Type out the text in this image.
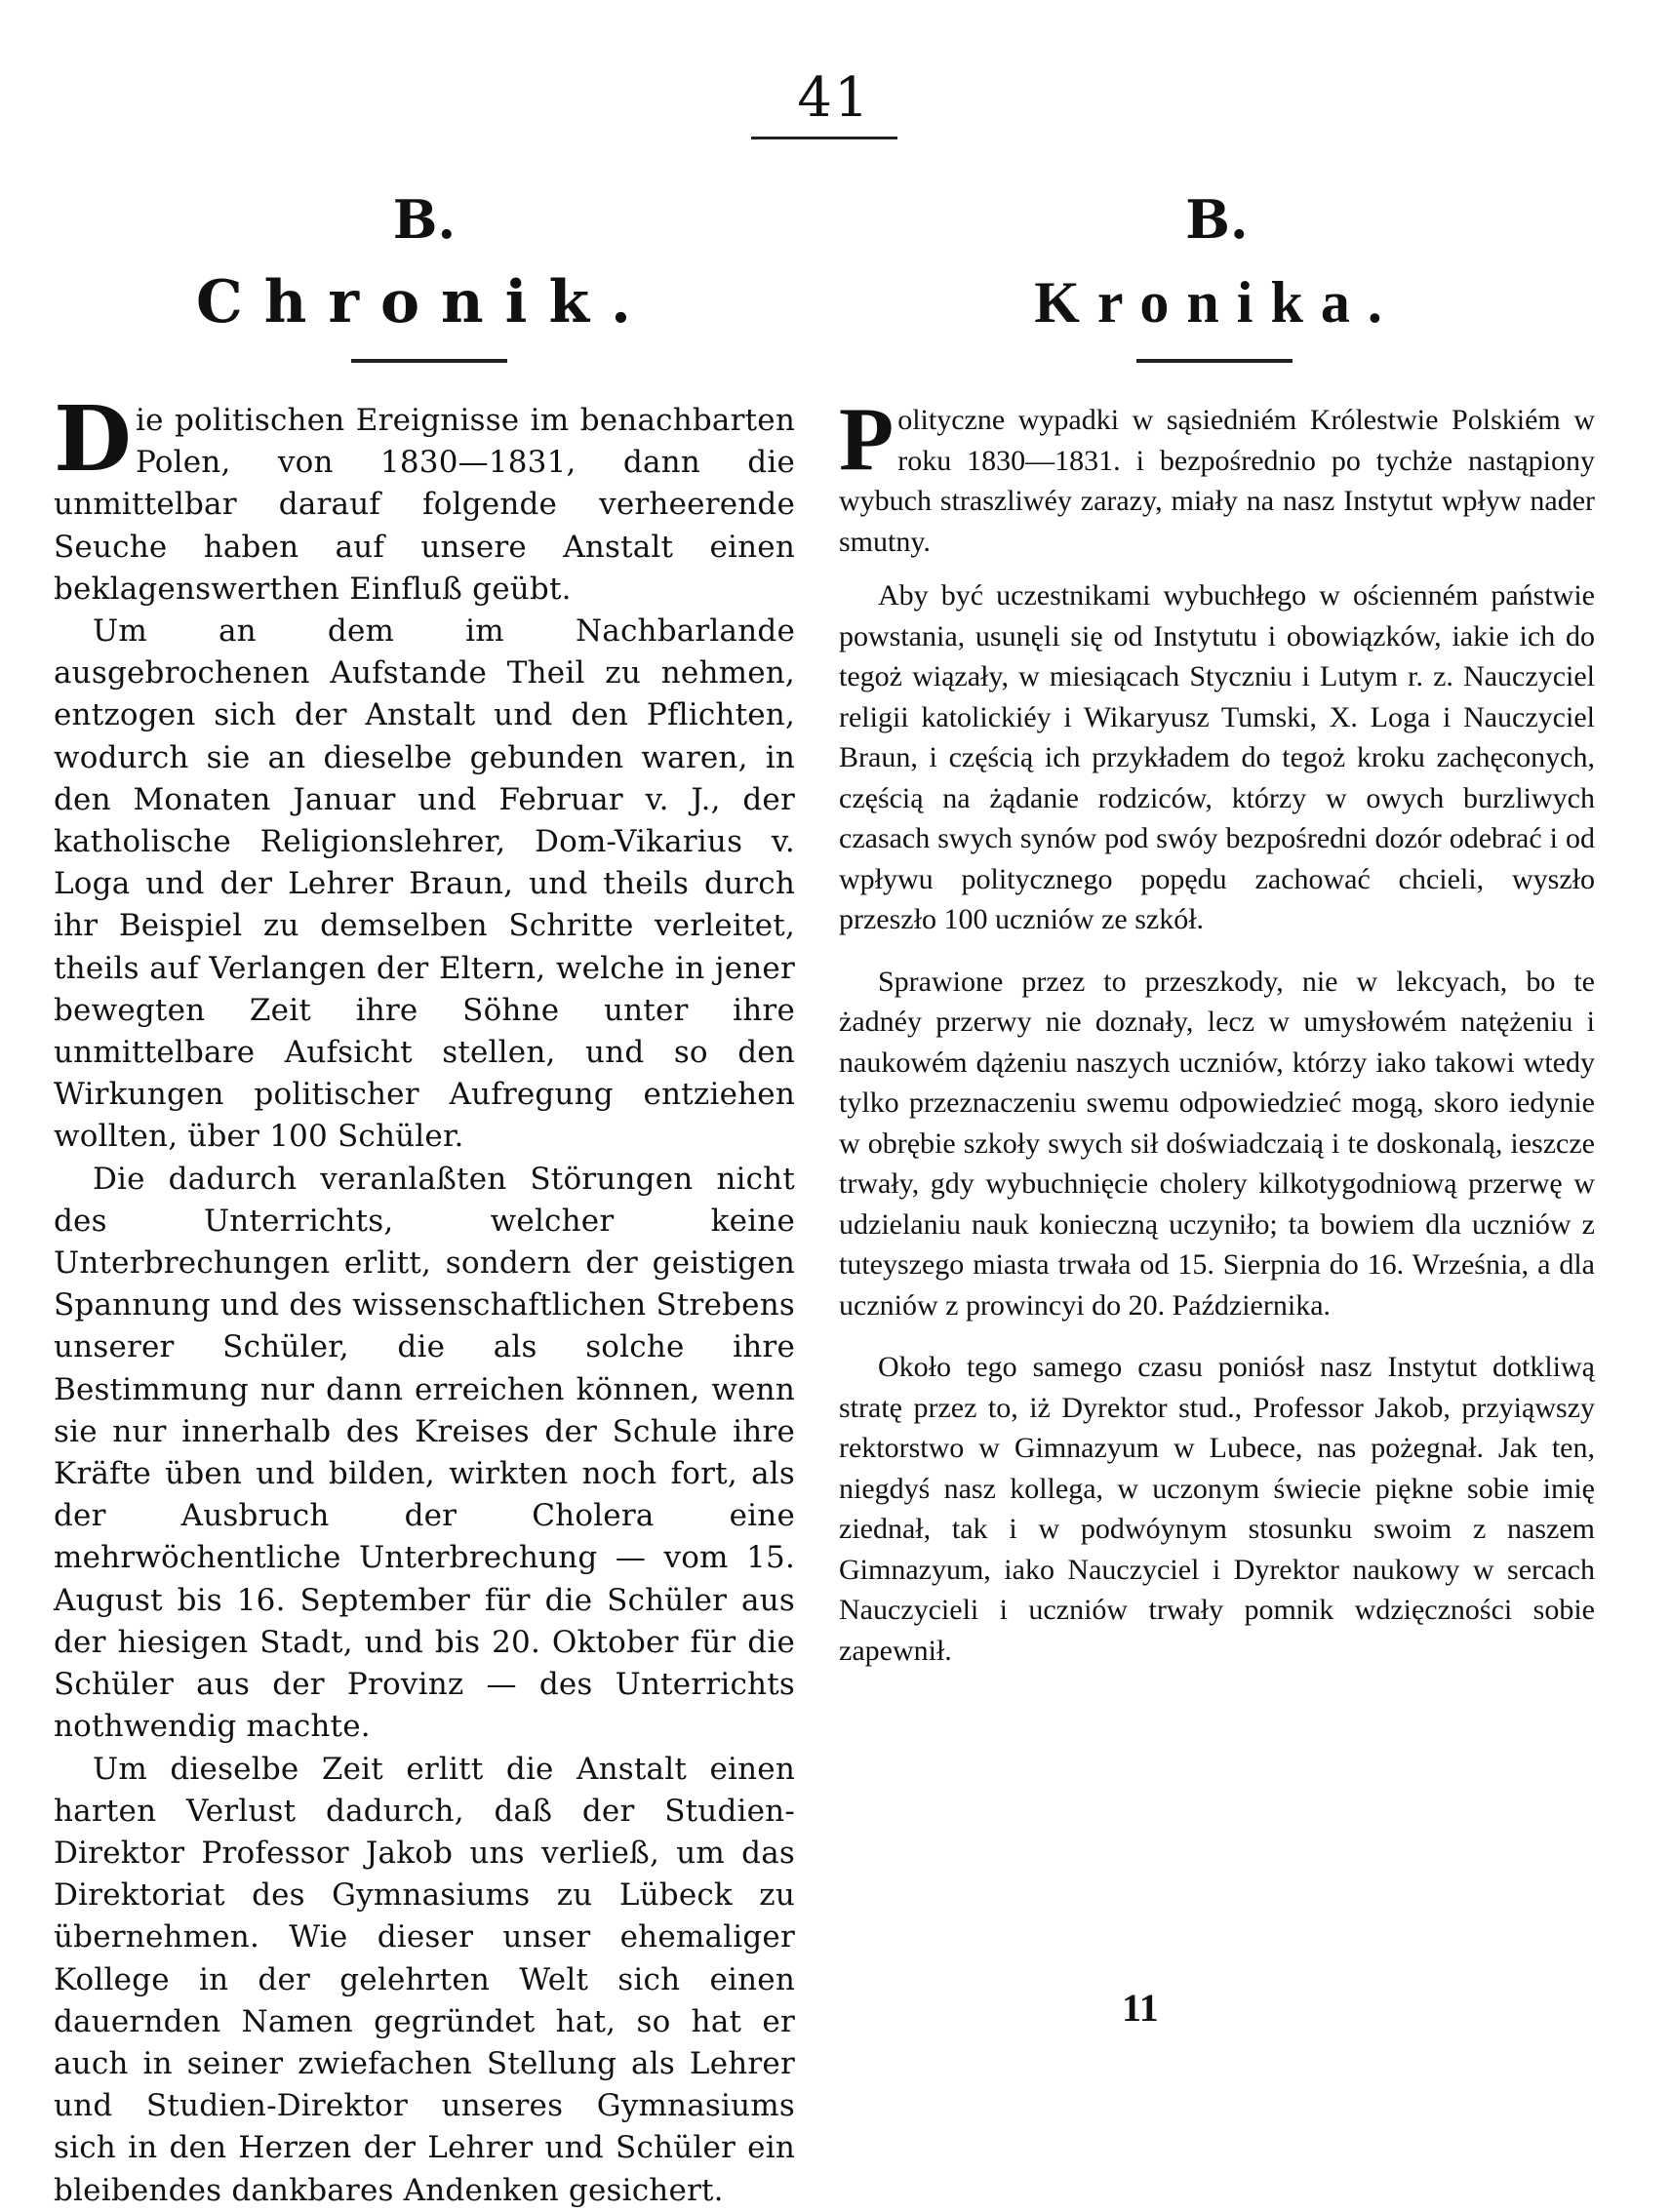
41

B.

Chronik.

Die politischen Ereignisse im benachbarten Polen, von 1830—1831, dann die unmittelbar darauf folgende verheerende Seuche haben auf unsere Anstalt einen beklagenswerthen Einfluß geübt.

Um an dem im Nachbarlande ausgebrochenen Aufstande Theil zu nehmen, entzogen sich der Anstalt und den Pflichten, wodurch sie an dieselbe gebunden waren, in den Monaten Januar und Februar v. J., der katholische Religionslehrer, Dom-Vikarius v. Loga und der Lehrer Braun, und theils durch ihr Beispiel zu demselben Schritte verleitet, theils auf Verlangen der Eltern, welche in jener bewegten Zeit ihre Söhne unter ihre unmittelbare Aufsicht stellen, und so den Wirkungen politischer Aufregung entziehen wollten, über 100 Schüler.

Die dadurch veranlaßten Störungen nicht des Unterrichts, welcher keine Unterbrechungen erlitt, sondern der geistigen Spannung und des wissenschaftlichen Strebens unserer Schüler, die als solche ihre Bestimmung nur dann erreichen können, wenn sie nur innerhalb des Kreises der Schule ihre Kräfte üben und bilden, wirkten noch fort, als der Ausbruch der Cholera eine mehrwöchentliche Unterbrechung — vom 15. August bis 16. September für die Schüler aus der hiesigen Stadt, und bis 20. Oktober für die Schüler aus der Provinz — des Unterrichts nothwendig machte.

Um dieselbe Zeit erlitt die Anstalt einen harten Verlust dadurch, daß der Studien-Direktor Professor Jakob uns verließ, um das Direktoriat des Gymnasiums zu Lübeck zu übernehmen. Wie dieser unser ehemaliger Kollege in der gelehrten Welt sich einen dauernden Namen gegründet hat, so hat er auch in seiner zwiefachen Stellung als Lehrer und Studien-Direktor unseres Gymnasiums sich in den Herzen der Lehrer und Schüler ein bleibendes dankbares Andenken gesichert.

B.

Kronika.

Polityczne wypadki w sąsiedniém Królestwie Polskiém w roku 1830—1831. i bezpośrednio po tychże nastąpiony wybuch straszliwéy zarazy, miały na nasz Instytut wpływ nader smutny.

Aby być uczestnikami wybuchłego w ościenném państwie powstania, usunęli się od Instytutu i obowiązków, iakie ich do tegoż wiązały, w miesiącach Styczniu i Lutym r. z. Nauczyciel religii katolickiéy i Wikaryusz Tumski, X. Loga i Nauczyciel Braun, i częścią ich przykładem do tegoż kroku zachęconych, częścią na żądanie rodziców, którzy w owych burzliwych czasach swych synów pod swóy bezpośredni dozór odebrać i od wpływu politycznego popędu zachować chcieli, wyszło przeszło 100 uczniów ze szkół.

Sprawione przez to przeszkody, nie w lekcyach, bo te żadnéy przerwy nie doznały, lecz w umysłowém natężeniu i naukowém dążeniu naszych uczniów, którzy iako takowi wtedy tylko przeznaczeniu swemu odpowiedzieć mogą, skoro iedynie w obrębie szkoły swych sił doświadczaią i te doskonalą, ieszcze trwały, gdy wybuchnięcie cholery kilkotygodniową przerwę w udzielaniu nauk konieczną uczyniło; ta bowiem dla uczniów z tuteyszego miasta trwała od 15. Sierpnia do 16. Września, a dla uczniów z prowincyi do 20. Października.

Około tego samego czasu poniósł nasz Instytut dotkliwą stratę przez to, iż Dyrektor stud., Professor Jakob, przyiąwszy rektorstwo w Gimnazyum w Lubece, nas pożegnał. Jak ten, niegdyś nasz kollega, w uczonym świecie piękne sobie imię ziednał, tak i w podwóynym stosunku swoim z naszem Gimnazyum, iako Nauczyciel i Dyrektor naukowy w sercach Nauczycieli i uczniów trwały pomnik wdzięczności sobie zapewnił.

11
